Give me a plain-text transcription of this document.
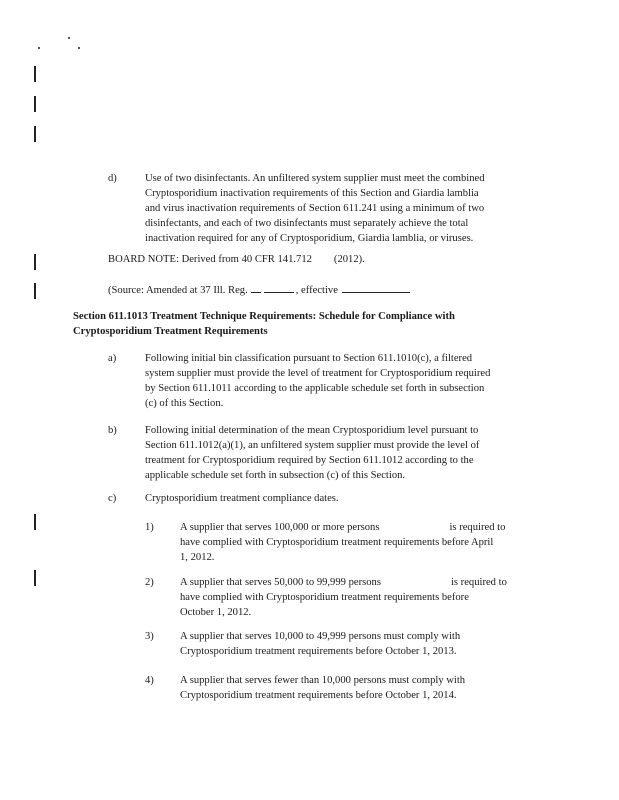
d)	Use of two disinfectants. An unfiltered system supplier must meet the combined
Cryptosporidium inactivation requirements of this Section and Giardia lamblia
and virus inactivation requirements of Section 611.241 using a minimum of two
disinfectants, and each of two disinfectants must separately achieve the total
inactivation required for any of Cryptosporidium, Giardia lamblia, or viruses.
BOARD NOTE: Derived from 40 CFR 141.712 (2012).
(Source: Amended at 37 Ill. Reg.	, effective
Section 611.1013 Treatment Technique Requirements: Schedule for Compliance with
Cryptosporidium Treatment Requirements
a)	Following initial bin classification pursuant to Section 611.1010(c), a filtered
system supplier must provide the level of treatment for Cryptosporidium required
by Section 611.1011 according to the applicable schedule set forth in subsection
(c) of this Section.
b)	Following initial determination of the mean Cryptosporidium level pursuant to
Section 611.1012(a)(1), an unfiltered system supplier must provide the level of
treatment for Cryptosporidium required by Section 611.1012 according to the
applicable schedule set forth in subsection (c) of this Section.
c)	Cryptosporidium treatment compliance dates.
1) A supplier that serves 100,000 or more persons	is required to
have complied with Cryptosporidium treatment requirements before April
1, 2012.
2) A supplier that serves 50,000 to 99,999 persons	is required to
have complied with Cryptosporidium treatment requirements before
October 1, 2012.
3) A supplier that serves 10,000 to 49,999 persons must comply with
Cryptosporidium treatment requirements before October 1, 2013.
4) A supplier that serves fewer than 10,000 persons must comply with
Cryptosporidium treatment requirements before October 1, 2014.
